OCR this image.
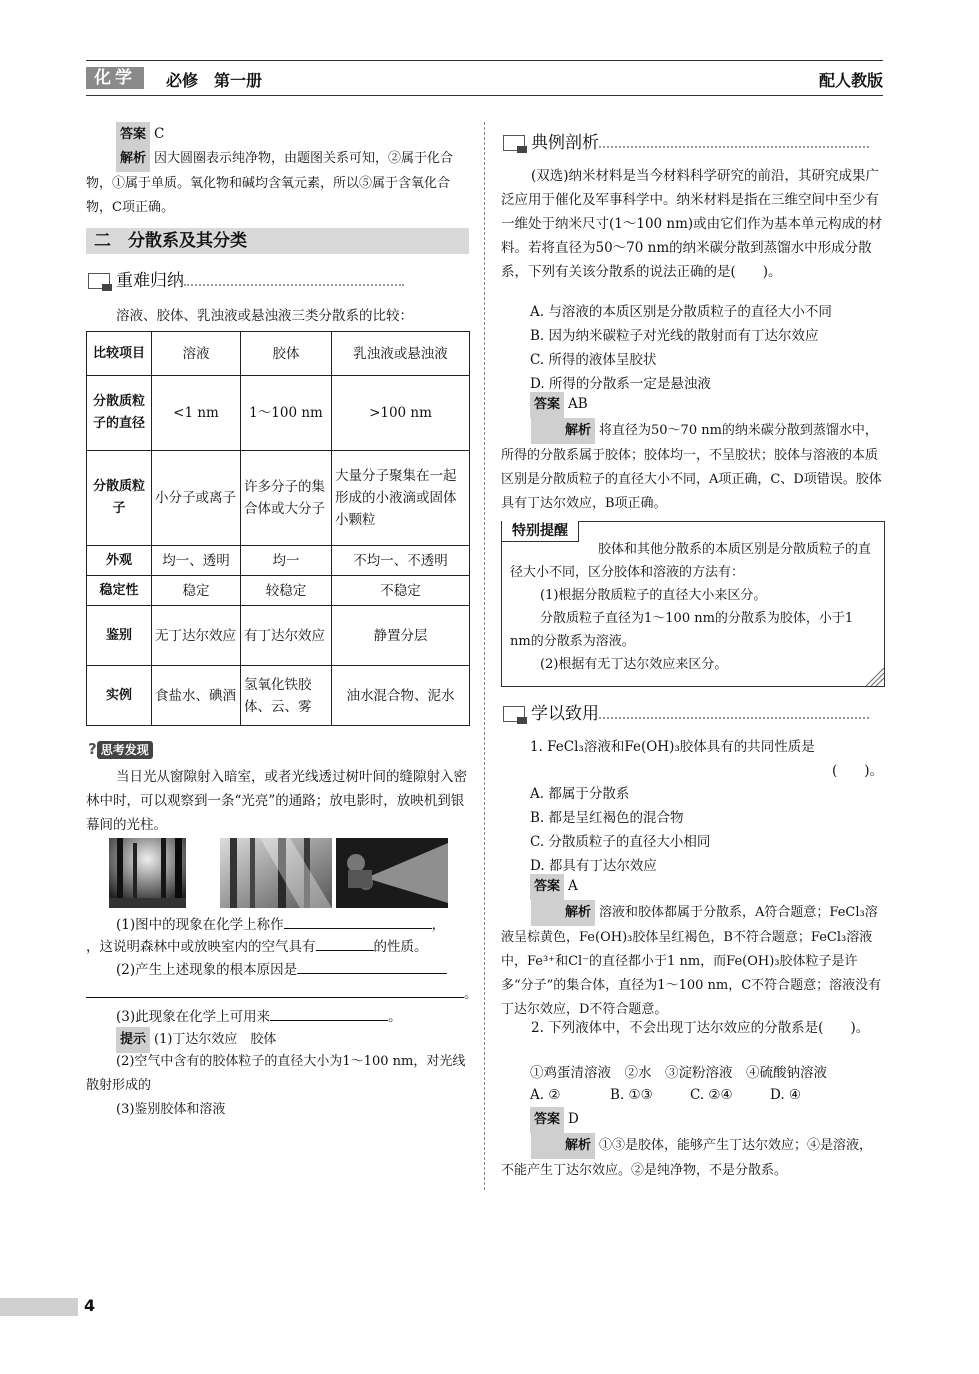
化学	必修　第一册	配人教版
答案 C
解析 因大圆圈表示纯净物，由题图关系可知，②属于化合物，①属于单质。氧化物和碱均含氧元素，所以⑤属于含氧化合物，C项正确。
二　分散系及其分类
重难归纳
溶液、胶体、乳浊液或悬浊液三类分散系的比较：
比较项目	溶液	胶体	乳浊液或悬浊液
分散质粒子的直径	<1 nm	1～100 nm	>100 nm
分散质粒子	小分子或离子	许多分子的集合体或大分子	大量分子聚集在一起形成的小液滴或固体小颗粒
外观	均一、透明	均一	不均一、不透明
稳定性	稳定	较稳定	不稳定
鉴别	无丁达尔效应	有丁达尔效应	静置分层
实例	食盐水、碘酒	氢氧化铁胶体、云、雾	油水混合物、泥水
? 思考发现
当日光从窗隙射入暗室，或者光线透过树叶间的缝隙射入密林中时，可以观察到一条“光亮”的通路；放电影时，放映机到银幕间的光柱。
(1)图中的现象在化学上称作	，
，这说明森林中或放映室内的空气具有	的性质。
(2)产生上述现象的根本原因是
。
(3)此现象在化学上可用来	。
提示 (1)丁达尔效应　胶体
(2)空气中含有的胶体粒子的直径大小为1～100 nm，对光线散射形成的
(3)鉴别胶体和溶液
典例剖析
(双选)纳米材料是当今材料科学研究的前沿，其研究成果广泛应用于催化及军事科学中。纳米材料是指在三维空间中至少有一维处于纳米尺寸(1～100 nm)或由它们作为基本单元构成的材料。若将直径为50～70 nm的纳米碳分散到蒸馏水中形成分散系，下列有关该分散系的说法正确的是(　　)。
A. 与溶液的本质区别是分散质粒子的直径大小不同
B. 因为纳米碳粒子对光线的散射而有丁达尔效应
C. 所得的液体呈胶状
D. 所得的分散系一定是悬浊液
答案 AB
解析 将直径为50～70 nm的纳米碳分散到蒸馏水中，所得的分散系属于胶体；胶体均一，不呈胶状；胶体与溶液的本质区别是分散质粒子的直径大小不同，A项正确，C、D项错误。胶体具有丁达尔效应，B项正确。
特别提醒
胶体和其他分散系的本质区别是分散质粒子的直径大小不同，区分胶体和溶液的方法有：
(1)根据分散质粒子的直径大小来区分。
分散质粒子直径为1～100 nm的分散系为胶体，小于1 nm的分散系为溶液。
(2)根据有无丁达尔效应来区分。
学以致用
1. FeCl₃溶液和Fe(OH)₃胶体具有的共同性质是
(　　)。
A. 都属于分散系
B. 都是呈红褐色的混合物
C. 分散质粒子的直径大小相同
D. 都具有丁达尔效应
答案 A
解析 溶液和胶体都属于分散系，A符合题意；FeCl₃溶液呈棕黄色，Fe(OH)₃胶体呈红褐色，B不符合题意；FeCl₃溶液中，Fe³⁺和Cl⁻的直径都小于1 nm，而Fe(OH)₃胶体粒子是许多“分子”的集合体，直径为1～100 nm，C不符合题意；溶液没有丁达尔效应，D不符合题意。
2. 下列液体中，不会出现丁达尔效应的分散系是(　　)。
①鸡蛋清溶液　②水　③淀粉溶液　④硫酸钠溶液
A. ②	B. ①③	C. ②④	D. ④
答案 D
解析 ①③是胶体，能够产生丁达尔效应；④是溶液，不能产生丁达尔效应。②是纯净物，不是分散系。
4
